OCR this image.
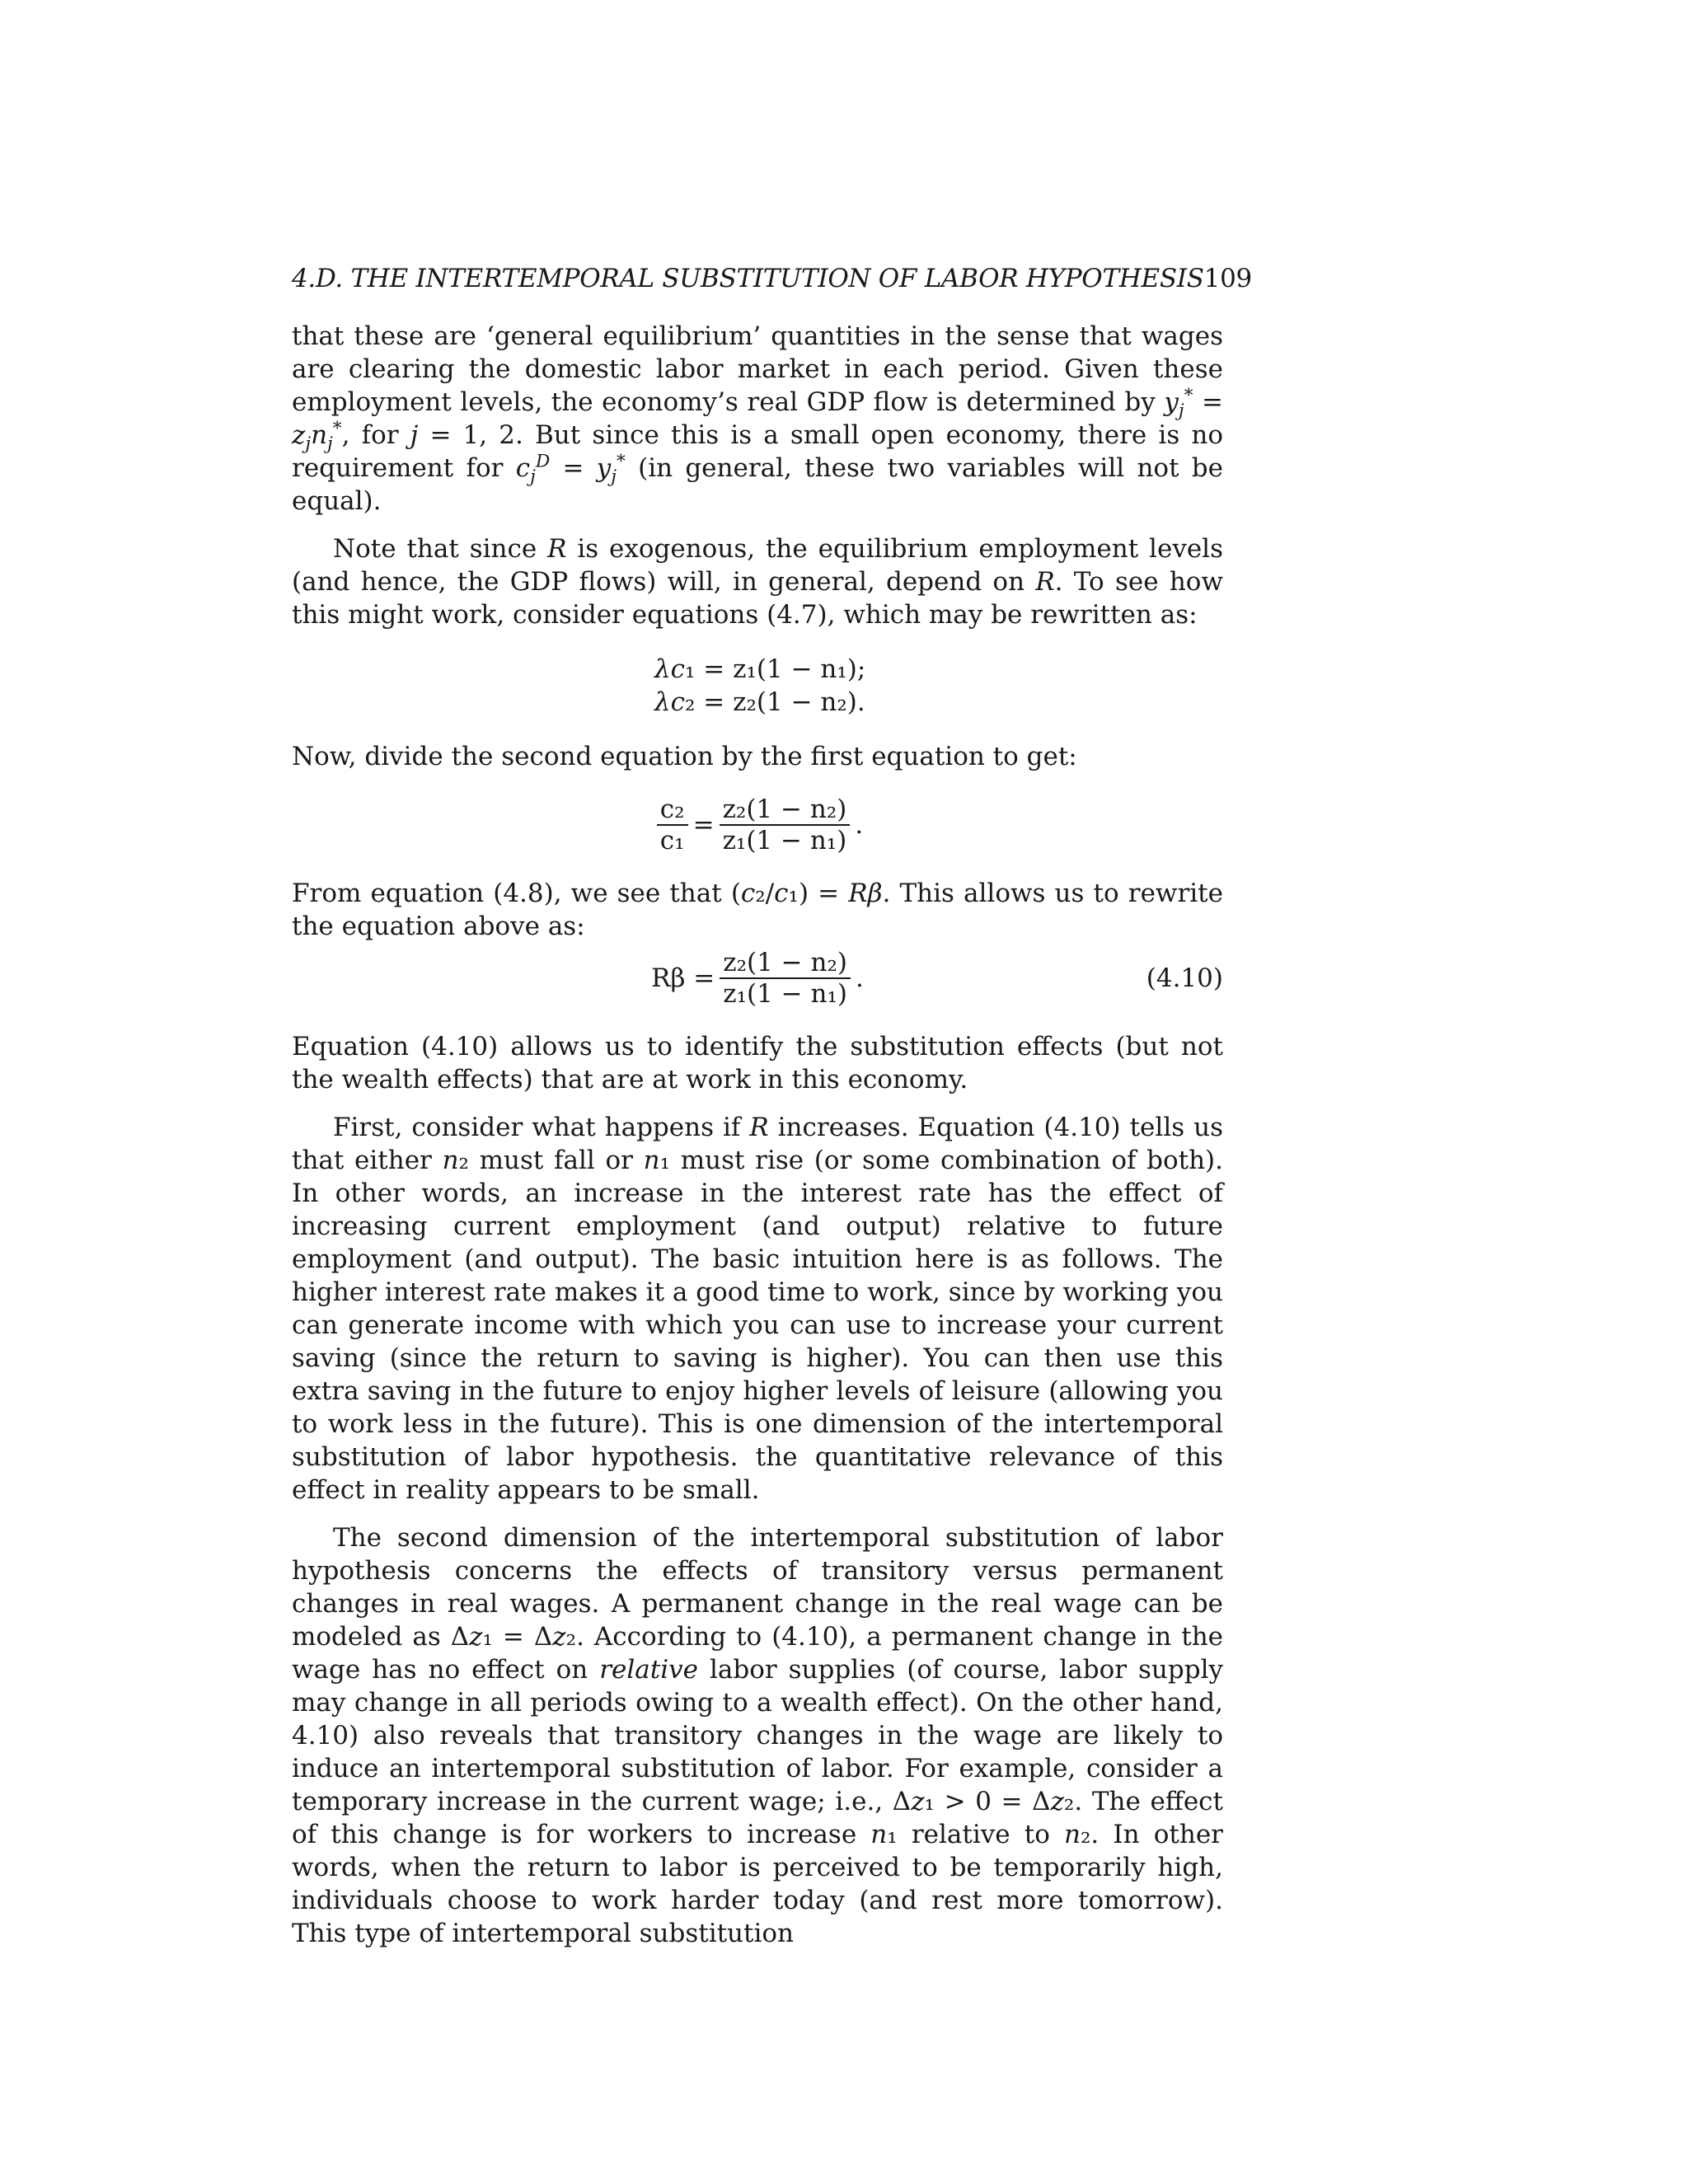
4.D. THE INTERTEMPORAL SUBSTITUTION OF LABOR HYPOTHESIS109

that these are ‘general equilibrium’ quantities in the sense that wages are clearing the domestic labor market in each period. Given these employment levels, the economy’s real GDP flow is determined by $y_j^* = z_jn_j^*$, for j = 1, 2. But since this is a small open economy, there is no requirement for $c_j^D = y_j^*$ (in general, these two variables will not be equal).

Note that since R is exogenous, the equilibrium employment levels (and hence, the GDP flows) will, in general, depend on R. To see how this might work, consider equations (4.7), which may be rewritten as:

λc₁ = z₁(1 − n₁);
λc₂ = z₂(1 − n₂).

Now, divide the second equation by the first equation to get:

$\frac{\text{c₂}}{\text{c₁}} = \frac{\text{z₂(1 − n₂)}}{\text{z₁(1 − n₁)}}$ .

From equation (4.8), we see that (c₂/c₁) = Rβ. This allows us to rewrite the equation above as:

$R\beta = \frac{\text{z₂(1 − n₂)}}{\text{z₁(1 − n₁)}}$ .	(4.10)

Equation (4.10) allows us to identify the substitution effects (but not the wealth effects) that are at work in this economy.

First, consider what happens if R increases. Equation (4.10) tells us that either n₂ must fall or n₁ must rise (or some combination of both). In other words, an increase in the interest rate has the effect of increasing current employment (and output) relative to future employment (and output). The basic intuition here is as follows. The higher interest rate makes it a good time to work, since by working you can generate income with which you can use to increase your current saving (since the return to saving is higher). You can then use this extra saving in the future to enjoy higher levels of leisure (allowing you to work less in the future). This is one dimension of the intertemporal substitution of labor hypothesis. the quantitative relevance of this effect in reality appears to be small.

The second dimension of the intertemporal substitution of labor hypothesis concerns the effects of transitory versus permanent changes in real wages. A permanent change in the real wage can be modeled as Δz₁ = Δz₂. According to (4.10), a permanent change in the wage has no effect on relative labor supplies (of course, labor supply may change in all periods owing to a wealth effect). On the other hand, 4.10) also reveals that transitory changes in the wage are likely to induce an intertemporal substitution of labor. For example, consider a temporary increase in the current wage; i.e., Δz₁ > 0 = Δz₂. The effect of this change is for workers to increase n₁ relative to n₂. In other words, when the return to labor is perceived to be temporarily high, individuals choose to work harder today (and rest more tomorrow). This type of intertemporal substitution
